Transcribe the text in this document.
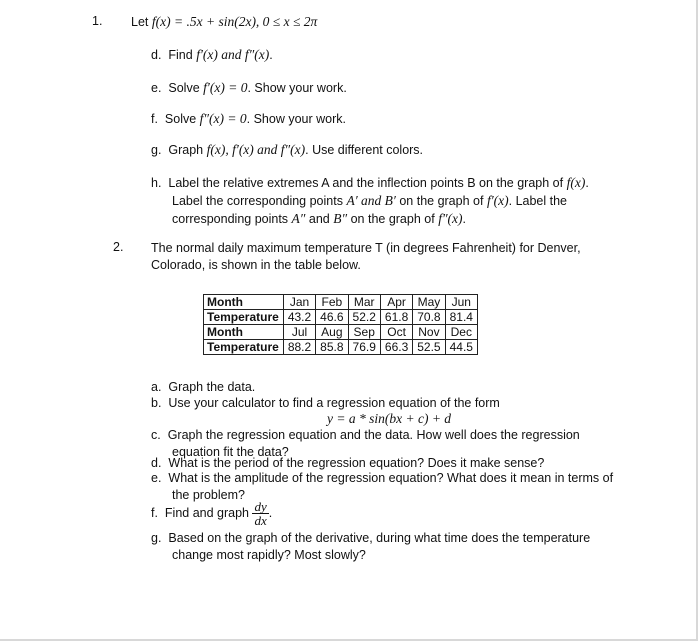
1. Let f(x) = .5x + sin(2x), 0 ≤ x ≤ 2π
d. Find f′(x) and f″(x).
e. Solve f′(x) = 0. Show your work.
f. Solve f″(x) = 0. Show your work.
g. Graph f(x), f′(x) and f″(x). Use different colors.
h. Label the relative extremes A and the inflection points B on the graph of f(x).
Label the corresponding points A′ and B′ on the graph of f′(x). Label the
corresponding points A″ and B″ on the graph of f″(x).
2. The normal daily maximum temperature T (in degrees Fahrenheit) for Denver,
Colorado, is shown in the table below.
Month	Jan	Feb	Mar	Apr	May	Jun
Temperature	43.2	46.6	52.2	61.8	70.8	81.4
Month	Jul	Aug	Sep	Oct	Nov	Dec
Temperature	88.2	85.8	76.9	66.3	52.5	44.5
a. Graph the data.
b. Use your calculator to find a regression equation of the form
y = a * sin(bx + c) + d
c. Graph the regression equation and the data. How well does the regression
equation fit the data?
d. What is the period of the regression equation? Does it make sense?
e. What is the amplitude of the regression equation? What does it mean in terms of
the problem?
f. Find and graph $\frac{dy}{dx}$ .
g. Based on the graph of the derivative, during what time does the temperature
change most rapidly? Most slowly?
